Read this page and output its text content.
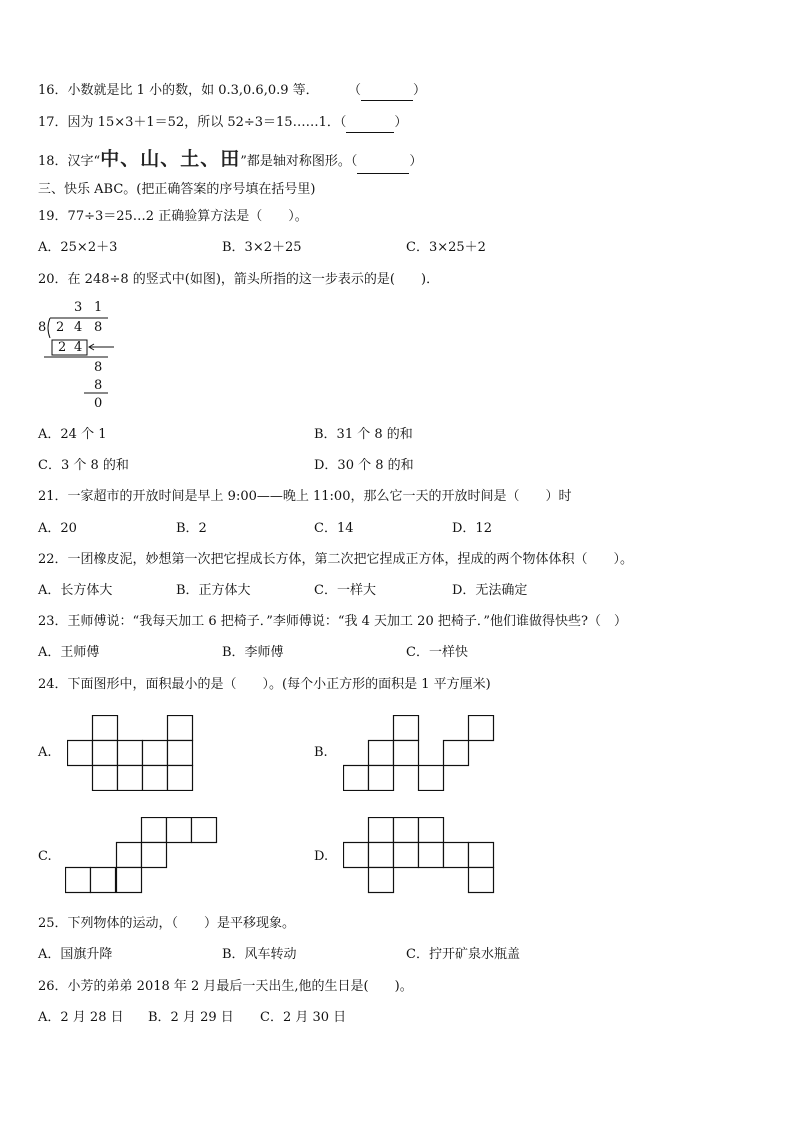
16．小数就是比 1 小的数，如 0.3,0.6,0.9 等． （	）
17．因为 15×3＋1＝52，所以 52÷3＝15……1．（	）
18．汉字“中、山、土、田”都是轴对称图形。（	）
三、快乐 ABC。(把正确答案的序号填在括号里)
19．77÷3＝25…2 正确验算方法是（　　）。
A．25×2＋3	B．3×2＋25	C．3×25＋2
20．在 248÷8 的竖式中(如图)，箭头所指的这一步表示的是(　　)．
3 1
8 2 4 8
2 4
8
8
0
A．24 个 1	B．31 个 8 的和
C．3 个 8 的和	D．30 个 8 的和
21．一家超市的开放时间是早上 9:00——晚上 11:00，那么它一天的开放时间是（　　）时
A．20	B．2	C．14	D．12
22．一团橡皮泥，妙想第一次把它捏成长方体，第二次把它捏成正方体，捏成的两个物体体积（　　）。
A．长方体大	B．正方体大	C．一样大	D．无法确定
23．王师傅说：“我每天加工 6 把椅子．”李师傅说：“我 4 天加工 20 把椅子．”他们谁做得快些?（　）
A．王师傅	B．李师傅	C．一样快
24．下面图形中，面积最小的是（　　）。(每个小正方形的面积是 1 平方厘米)
A.	B.
C.	D.
25．下列物体的运动，（　　）是平移现象。
A．国旗升降	B．风车转动	C．拧开矿泉水瓶盖
26．小芳的弟弟 2018 年 2 月最后一天出生,他的生日是(　　)。
A．2 月 28 日 B．2 月 29 日 C．2 月 30 日
